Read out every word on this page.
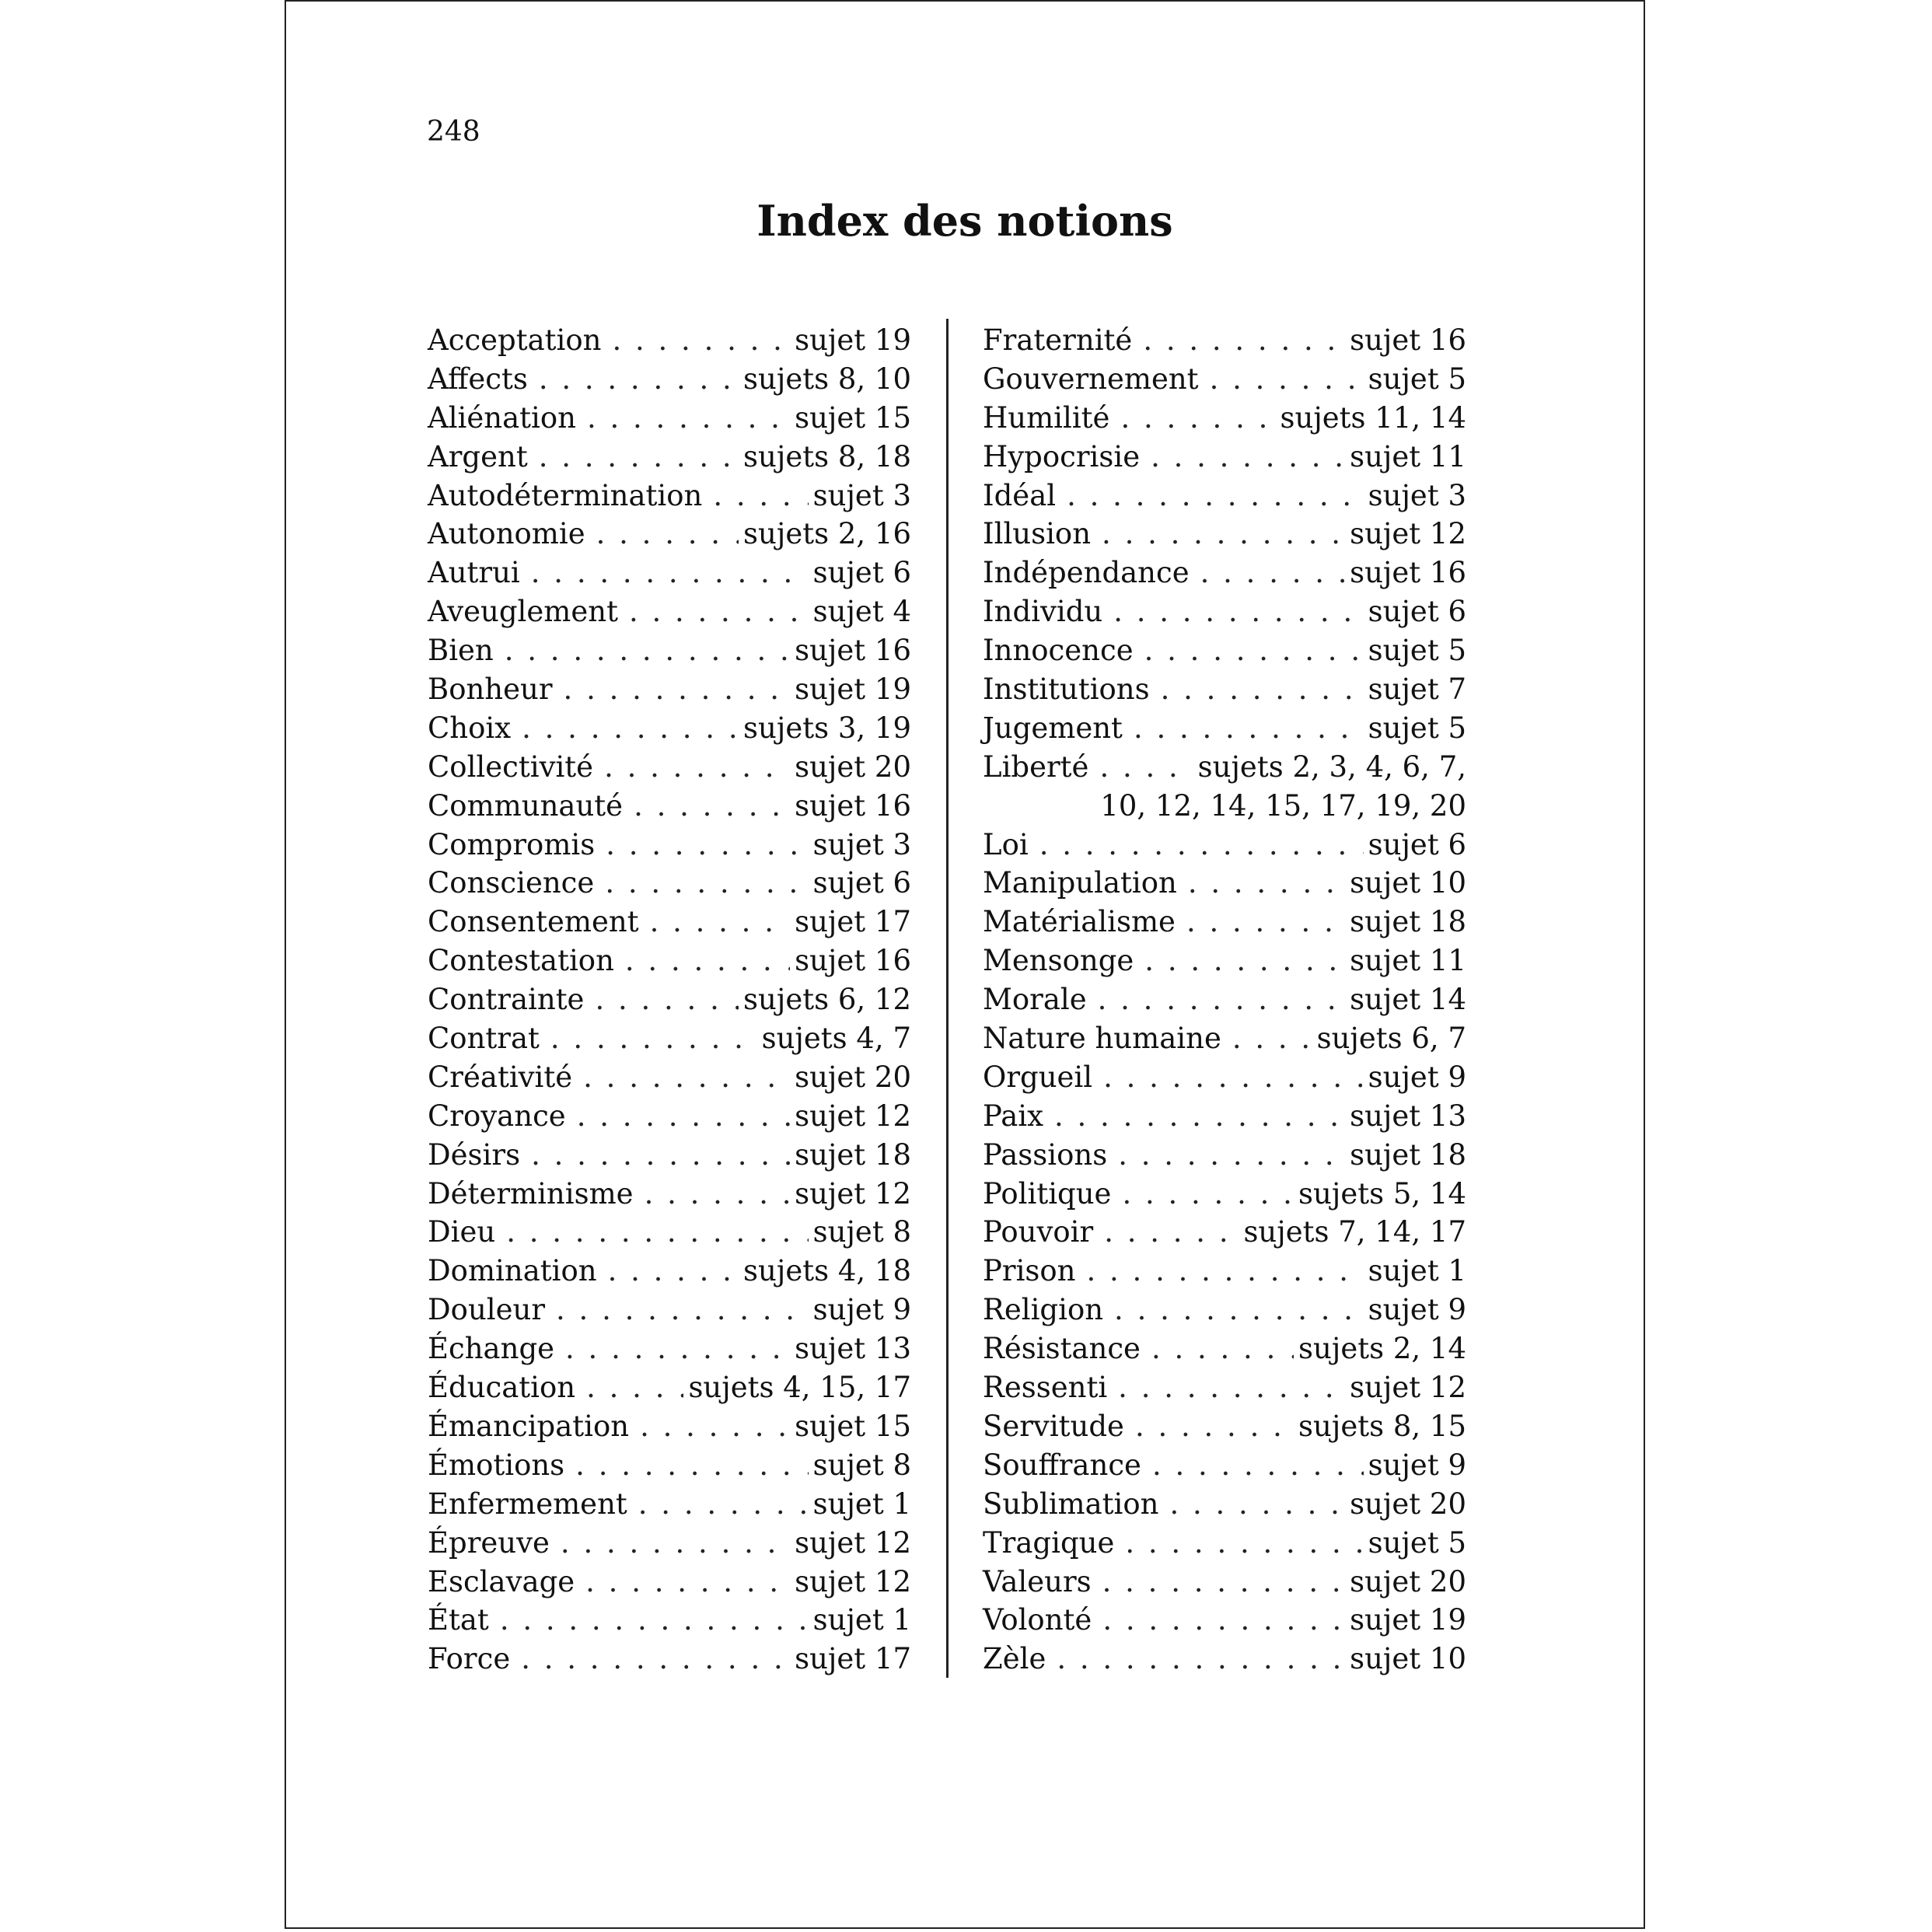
248
Index des notions
Acceptation . . .	sujet 19
Affects . . .	sujets 8, 10
Aliénation . . .	sujet 15
Argent . . .	sujets 8, 18
Autodétermination . . .	sujet 3
Autonomie . . .	sujets 2, 16
Autrui . . .	sujet 6
Aveuglement . . .	sujet 4
Bien . . .	sujet 16
Bonheur . . .	sujet 19
Choix . . .	sujets 3, 19
Collectivité . . .	sujet 20
Communauté . . .	sujet 16
Compromis . . .	sujet 3
Conscience . . .	sujet 6
Consentement . . .	sujet 17
Contestation . . .	sujet 16
Contrainte . . .	sujets 6, 12
Contrat . . .	sujets 4, 7
Créativité . . .	sujet 20
Croyance . . .	sujet 12
Désirs . . .	sujet 18
Déterminisme . . .	sujet 12
Dieu . . .	sujet 8
Domination . . .	sujets 4, 18
Douleur . . .	sujet 9
Échange . . .	sujet 13
Éducation . . .	sujets 4, 15, 17
Émancipation . . .	sujet 15
Émotions . . .	sujet 8
Enfermement . . .	sujet 1
Épreuve . . .	sujet 12
Esclavage . . .	sujet 12
État . . .	sujet 1
Force . . .	sujet 17
Fraternité . . .	sujet 16
Gouvernement . . .	sujet 5
Humilité . . .	sujets 11, 14
Hypocrisie . . .	sujet 11
Idéal . . .	sujet 3
Illusion . . .	sujet 12
Indépendance . . .	sujet 16
Individu . . .	sujet 6
Innocence . . .	sujet 5
Institutions . . .	sujet 7
Jugement . . .	sujet 5
Liberté . . .	sujets 2, 3, 4, 6, 7,
10, 12, 14, 15, 17, 19, 20
Loi . . .	sujet 6
Manipulation . . .	sujet 10
Matérialisme . . .	sujet 18
Mensonge . . .	sujet 11
Morale . . .	sujet 14
Nature humaine . . .	sujets 6, 7
Orgueil . . .	sujet 9
Paix . . .	sujet 13
Passions . . .	sujet 18
Politique . . .	sujets 5, 14
Pouvoir . . .	sujets 7, 14, 17
Prison . . .	sujet 1
Religion . . .	sujet 9
Résistance . . .	sujets 2, 14
Ressenti . . .	sujet 12
Servitude . . .	sujets 8, 15
Souffrance . . .	sujet 9
Sublimation . . .	sujet 20
Tragique . . .	sujet 5
Valeurs . . .	sujet 20
Volonté . . .	sujet 19
Zèle . . .	sujet 10
